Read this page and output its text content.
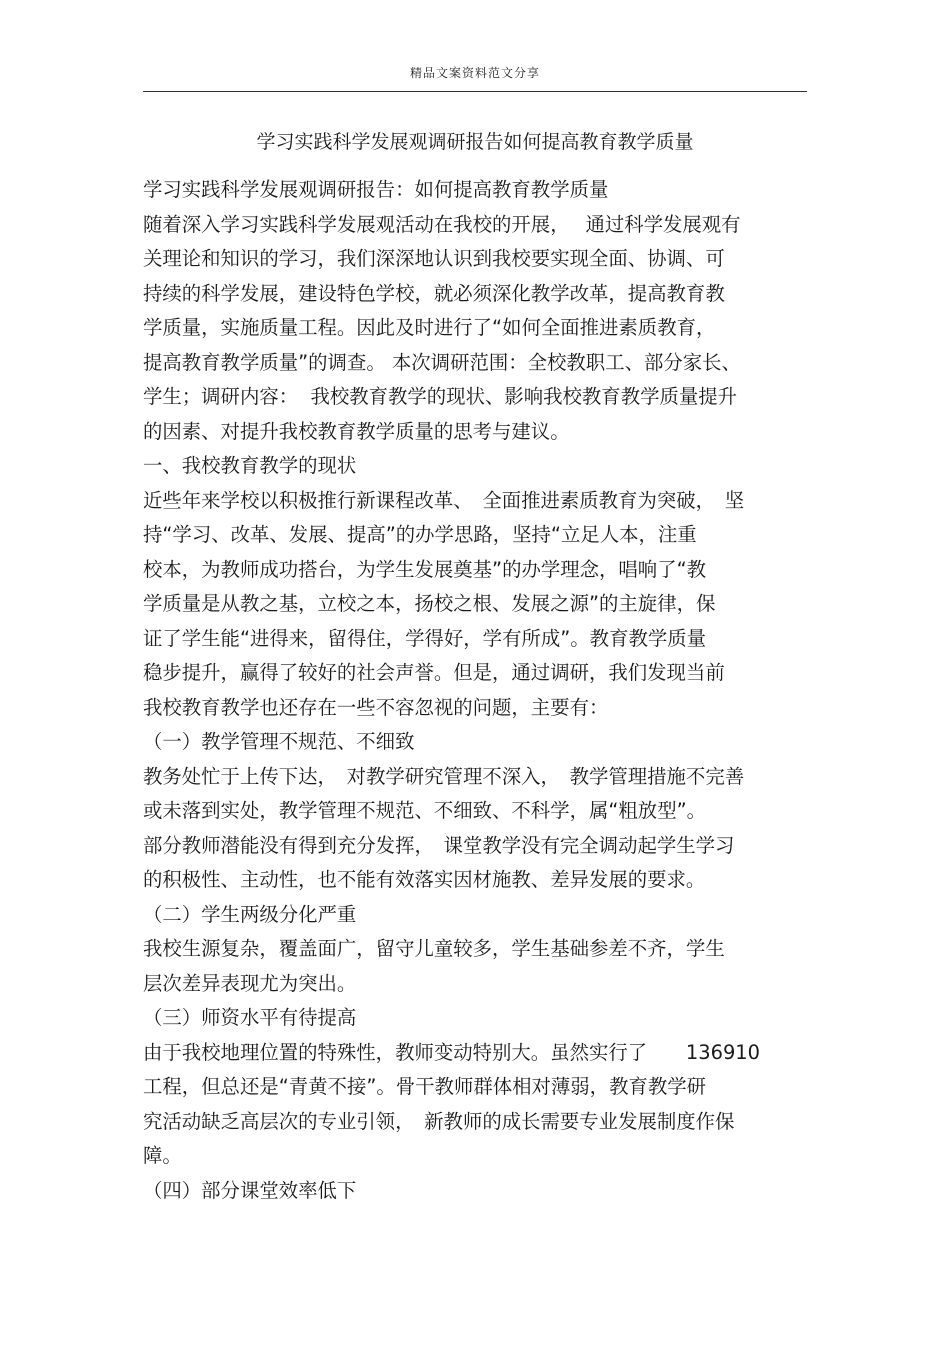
精品文案资料范文分享
学习实践科学发展观调研报告如何提高教育教学质量
学习实践科学发展观调研报告：如何提高教育教学质量
随着深入学习实践科学发展观活动在我校的开展，　 通过科学发展观有
关理论和知识的学习，我们深深地认识到我校要实现全面、协调、可
持续的科学发展，建设特色学校，就必须深化教学改革，提高教育教
学质量，实施质量工程。因此及时进行了“如何全面推进素质教育，
提高教育教学质量”的调查。 本次调研范围：全校教职工、部分家长、
学生；调研内容：  我校教育教学的现状、影响我校教育教学质量提升
的因素、对提升我校教育教学质量的思考与建议。
一、我校教育教学的现状
近些年来学校以积极推行新课程改革、　全面推进素质教育为突破，　坚
持“学习、改革、发展、提高”的办学思路，坚持“立足人本，注重
校本，为教师成功搭台，为学生发展奠基”的办学理念，唱响了“教
学质量是从教之基，立校之本，扬校之根、发展之源”的主旋律，保
证了学生能“进得来，留得住，学得好，学有所成”。教育教学质量
稳步提升，赢得了较好的社会声誉。但是，通过调研，我们发现当前
我校教育教学也还存在一些不容忽视的问题，主要有：
（一）教学管理不规范、不细致
教务处忙于上传下达，　对教学研究管理不深入，　教学管理措施不完善
或未落到实处，教学管理不规范、不细致、不科学，属“粗放型”。
部分教师潜能没有得到充分发挥，　课堂教学没有完全调动起学生学习
的积极性、主动性，也不能有效落实因材施教、差异发展的要求。
（二）学生两级分化严重
我校生源复杂，覆盖面广，留守儿童较多，学生基础参差不齐，学生
层次差异表现尤为突出。
（三）师资水平有待提高
由于我校地理位置的特殊性，教师变动特别大。虽然实行了　　136910
工程，但总还是“青黄不接”。骨干教师群体相对薄弱，教育教学研
究活动缺乏高层次的专业引领，　新教师的成长需要专业发展制度作保
障。
（四）部分课堂效率低下
